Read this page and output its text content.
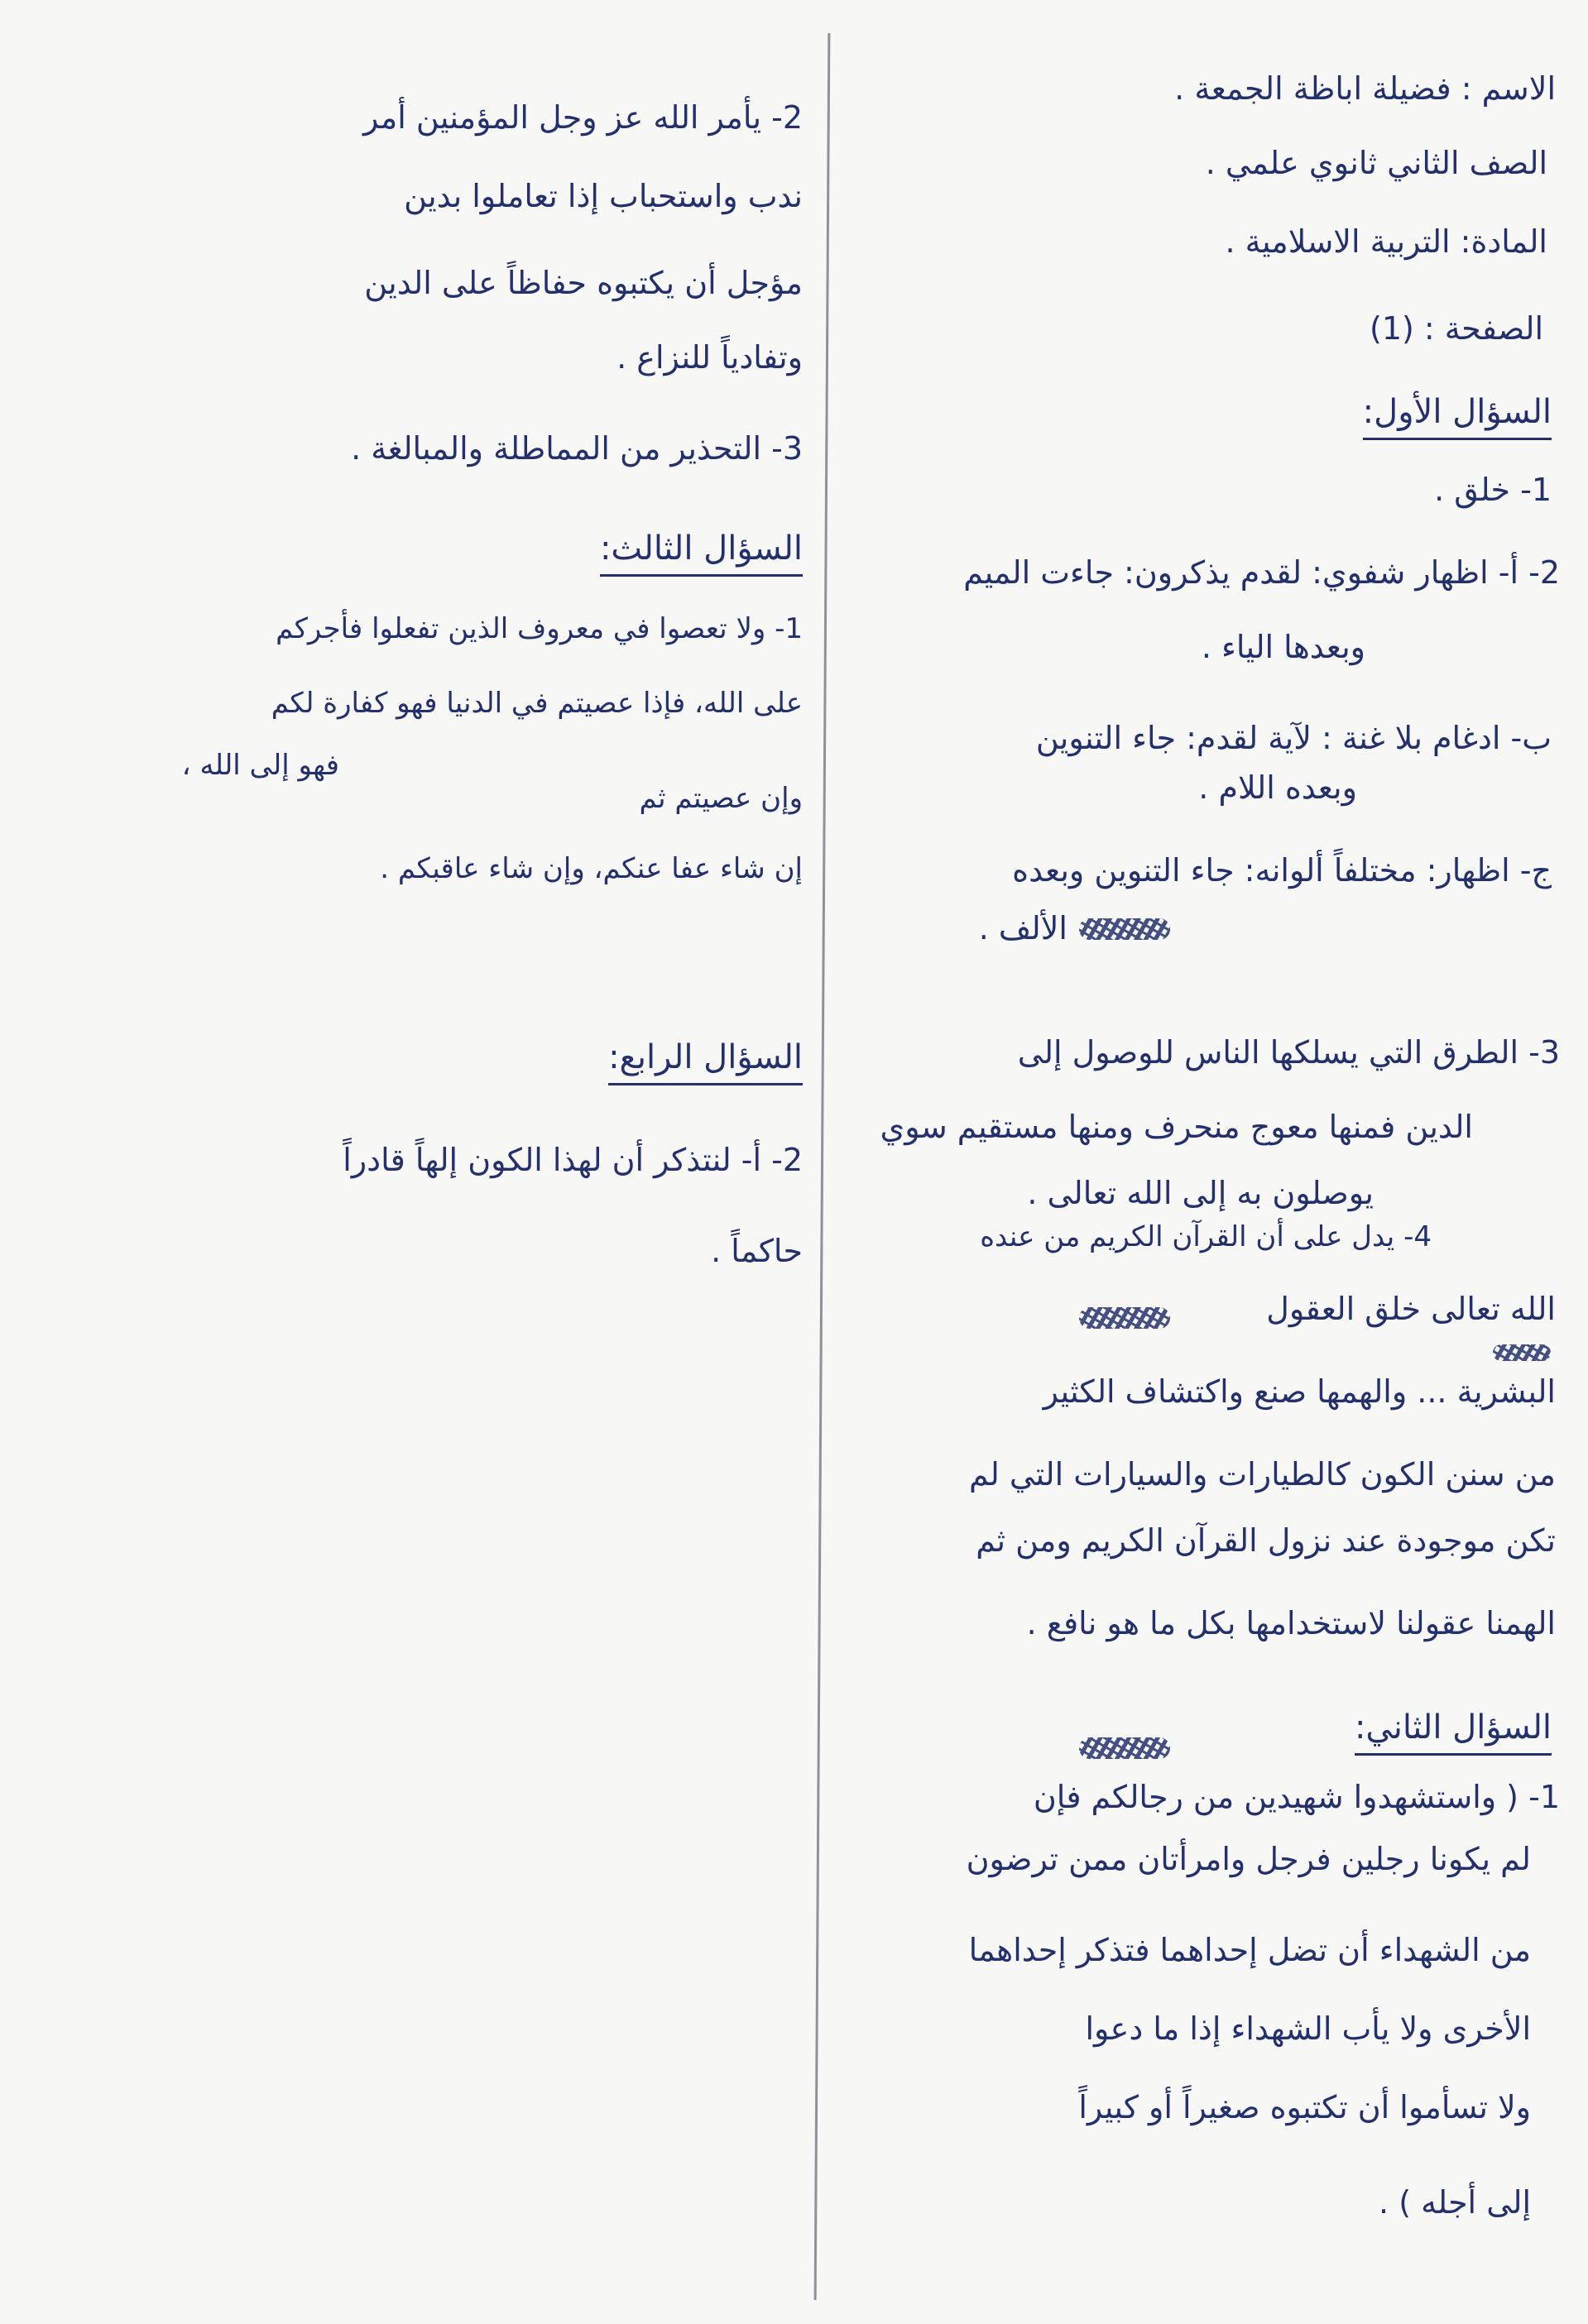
الاسم : فضيلة اباظة الجمعة .
الصف الثاني ثانوي علمي .
المادة: التربية الاسلامية .
الصفحة : (1)
السؤال الأول:
1- خلق .
2- أ- اظهار شفوي: لقدم يذكرون: جاءت الميم
وبعدها الياء .
ب- ادغام بلا غنة : لآية لقدم: جاء التنوين
وبعده اللام .
ج- اظهار: مختلفاً ألوانه: جاء التنوين وبعده
الألف .
3- الطرق التي يسلكها الناس للوصول إلى
الدين فمنها معوج منحرف ومنها مستقيم سوي
يوصلون به إلى الله تعالى .
4- يدل على أن القرآن الكريم من عنده
الله تعالى خلق العقول
البشرية ... والهمها صنع واكتشاف الكثير
من سنن الكون كالطيارات والسيارات التي لم
تكن موجودة عند نزول القرآن الكريم ومن ثم
الهمنا عقولنا لاستخدامها بكل ما هو نافع .
السؤال الثاني:
1- ( واستشهدوا شهيدين من رجالكم فإن
لم يكونا رجلين فرجل وامرأتان ممن ترضون
من الشهداء أن تضل إحداهما فتذكر إحداهما
الأخرى ولا يأب الشهداء إذا ما دعوا
ولا تسأموا أن تكتبوه صغيراً أو كبيراً
إلى أجله ) .
2- يأمر الله عز وجل المؤمنين أمر
ندب واستحباب إذا تعاملوا بدين
مؤجل أن يكتبوه حفاظاً على الدين
وتفادياً للنزاع .
3- التحذير من المماطلة والمبالغة .
السؤال الثالث:
1- ولا تعصوا في معروف الذين تفعلوا فأجركم
على الله، فإذا عصيتم في الدنيا فهو كفارة لكم
فهو إلى الله ،
وإن عصيتم ثم
إن شاء عفا عنكم، وإن شاء عاقبكم .
السؤال الرابع:
2- أ- لنتذكر أن لهذا الكون إلهاً قادراً
حاكماً .
